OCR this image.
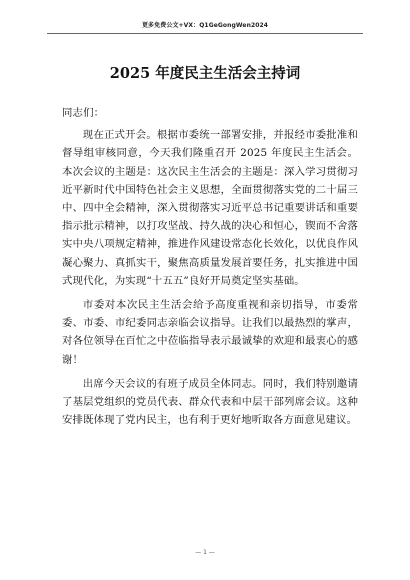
更多免费公文+VX：Q1GeGongWen2024
2025 年度民主生活会主持词

同志们：

现在正式开会。根据市委统一部署安排，并报经市委批准和督导组审核同意，今天我们隆重召开 2025 年度民主生活会。本次会议的主题是：这次民主生活会的主题是：深入学习贯彻习近平新时代中国特色社会主义思想，全面贯彻落实党的二十届三中、四中全会精神，深入贯彻落实习近平总书记重要讲话和重要指示批示精神，以打攻坚战、持久战的决心和恒心，锲而不舍落实中央八项规定精神，推进作风建设常态化长效化，以优良作风凝心聚力、真抓实干，聚焦高质量发展首要任务，扎实推进中国式现代化，为实现“十五五”良好开局奠定坚实基础。

市委对本次民主生活会给予高度重视和亲切指导，市委常委、市委、市纪委同志亲临会议指导。让我们以最热烈的掌声，对各位领导在百忙之中莅临指导表示最诚挚的欢迎和最衷心的感谢！

出席今天会议的有班子成员全体同志。同时，我们特别邀请了基层党组织的党员代表、群众代表和中层干部列席会议。这种安排既体现了党内民主，也有利于更好地听取各方面意见建议。

— 1 —
